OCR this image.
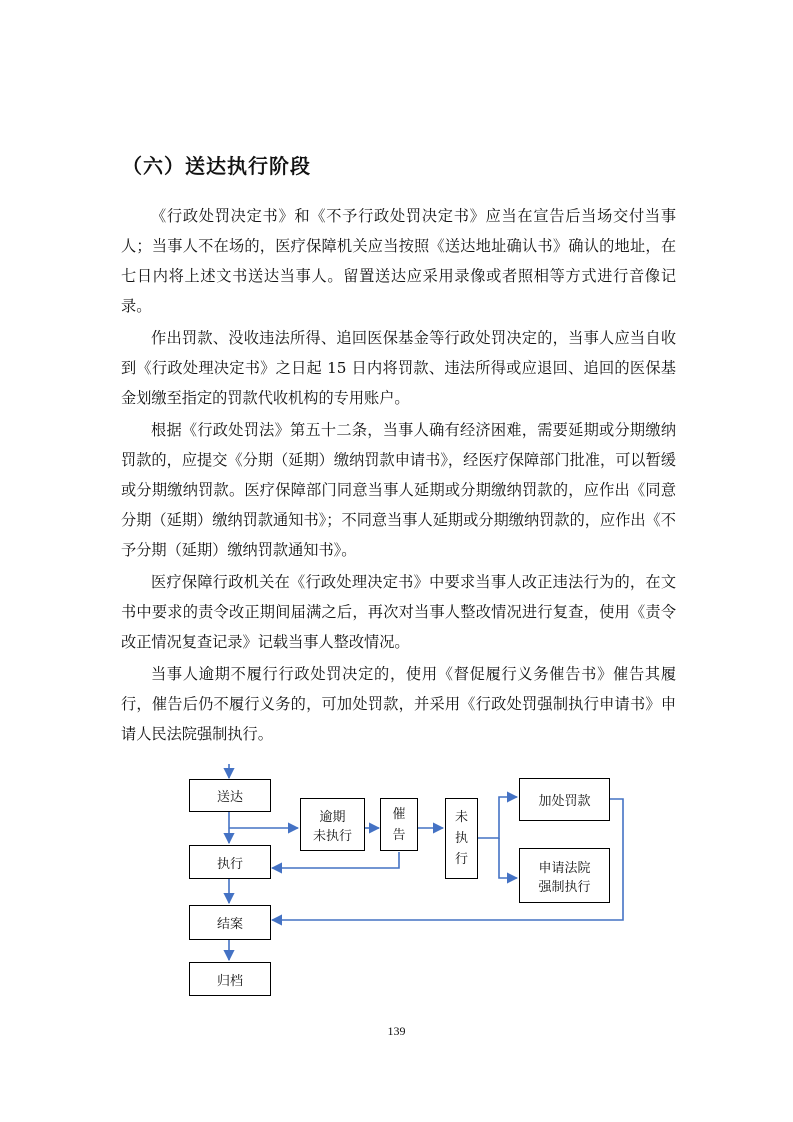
（六）送达执行阶段

《行政处罚决定书》和《不予行政处罚决定书》应当在宣告后当场交付当事人；当事人不在场的，医疗保障机关应当按照《送达地址确认书》确认的地址，在七日内将上述文书送达当事人。留置送达应采用录像或者照相等方式进行音像记录。

作出罚款、没收违法所得、追回医保基金等行政处罚决定的，当事人应当自收到《行政处理决定书》之日起 15 日内将罚款、违法所得或应退回、追回的医保基金划缴至指定的罚款代收机构的专用账户。

根据《行政处罚法》第五十二条，当事人确有经济困难，需要延期或分期缴纳罚款的，应提交《分期（延期）缴纳罚款申请书》，经医疗保障部门批准，可以暂缓或分期缴纳罚款。医疗保障部门同意当事人延期或分期缴纳罚款的，应作出《同意分期（延期）缴纳罚款通知书》；不同意当事人延期或分期缴纳罚款的，应作出《不予分期（延期）缴纳罚款通知书》。

医疗保障行政机关在《行政处理决定书》中要求当事人改正违法行为的，在文书中要求的责令改正期间届满之后，再次对当事人整改情况进行复查，使用《责令改正情况复查记录》记载当事人整改情况。

当事人逾期不履行行政处罚决定的，使用《督促履行义务催告书》催告其履行，催告后仍不履行义务的，可加处罚款，并采用《行政处罚强制执行申请书》申请人民法院强制执行。

送达
逾期
未执行
催
告
未
执
行
加处罚款
申请法院
强制执行
执行
结案
归档
139
